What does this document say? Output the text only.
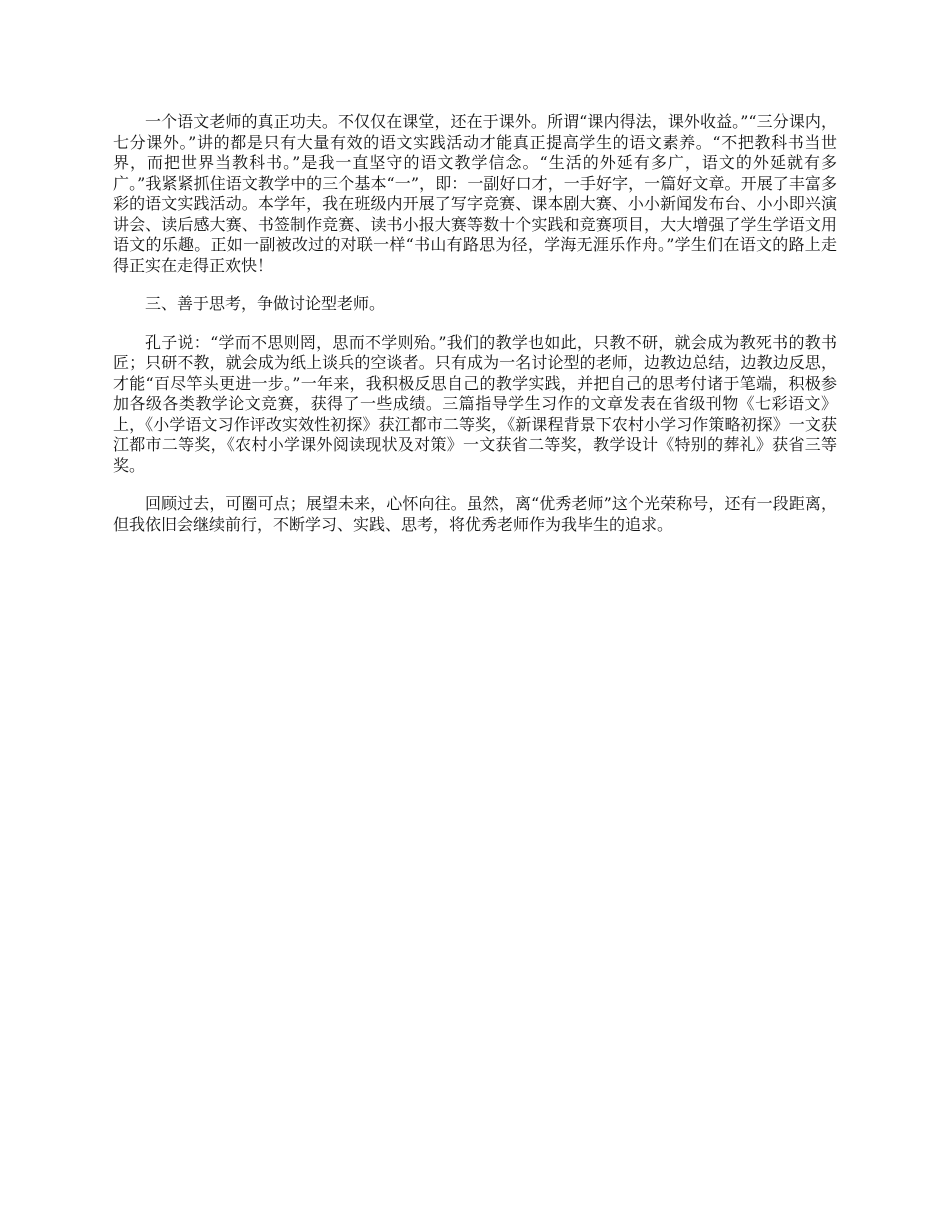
一个语文老师的真正功夫。不仅仅在课堂，还在于课外。所谓“课内得法，课外收益。”“三分课内，七分课外。”讲的都是只有大量有效的语文实践活动才能真正提高学生的语文素养。“不把教科书当世界，而把世界当教科书。”是我一直坚守的语文教学信念。“生活的外延有多广，语文的外延就有多广。”我紧紧抓住语文教学中的三个基本“一”，即：一副好口才，一手好字，一篇好文章。开展了丰富多彩的语文实践活动。本学年，我在班级内开展了写字竞赛、课本剧大赛、小小新闻发布台、小小即兴演讲会、读后感大赛、书签制作竞赛、读书小报大赛等数十个实践和竞赛项目，大大增强了学生学语文用语文的乐趣。正如一副被改过的对联一样“书山有路思为径，学海无涯乐作舟。”学生们在语文的路上走得正实在走得正欢快！

三、善于思考，争做讨论型老师。

孔子说：“学而不思则罔，思而不学则殆。”我们的教学也如此，只教不研，就会成为教死书的教书匠；只研不教，就会成为纸上谈兵的空谈者。只有成为一名讨论型的老师，边教边总结，边教边反思，才能“百尽竿头更进一步。”一年来，我积极反思自己的教学实践，并把自己的思考付诸于笔端，积极参加各级各类教学论文竞赛，获得了一些成绩。三篇指导学生习作的文章发表在省级刊物《七彩语文》上，《小学语文习作评改实效性初探》获江都市二等奖，《新课程背景下农村小学习作策略初探》一文获江都市二等奖，《农村小学课外阅读现状及对策》一文获省二等奖，教学设计《特别的葬礼》获省三等奖。

回顾过去，可圈可点；展望未来，心怀向往。虽然，离“优秀老师”这个光荣称号，还有一段距离，但我依旧会继续前行，不断学习、实践、思考，将优秀老师作为我毕生的追求。
